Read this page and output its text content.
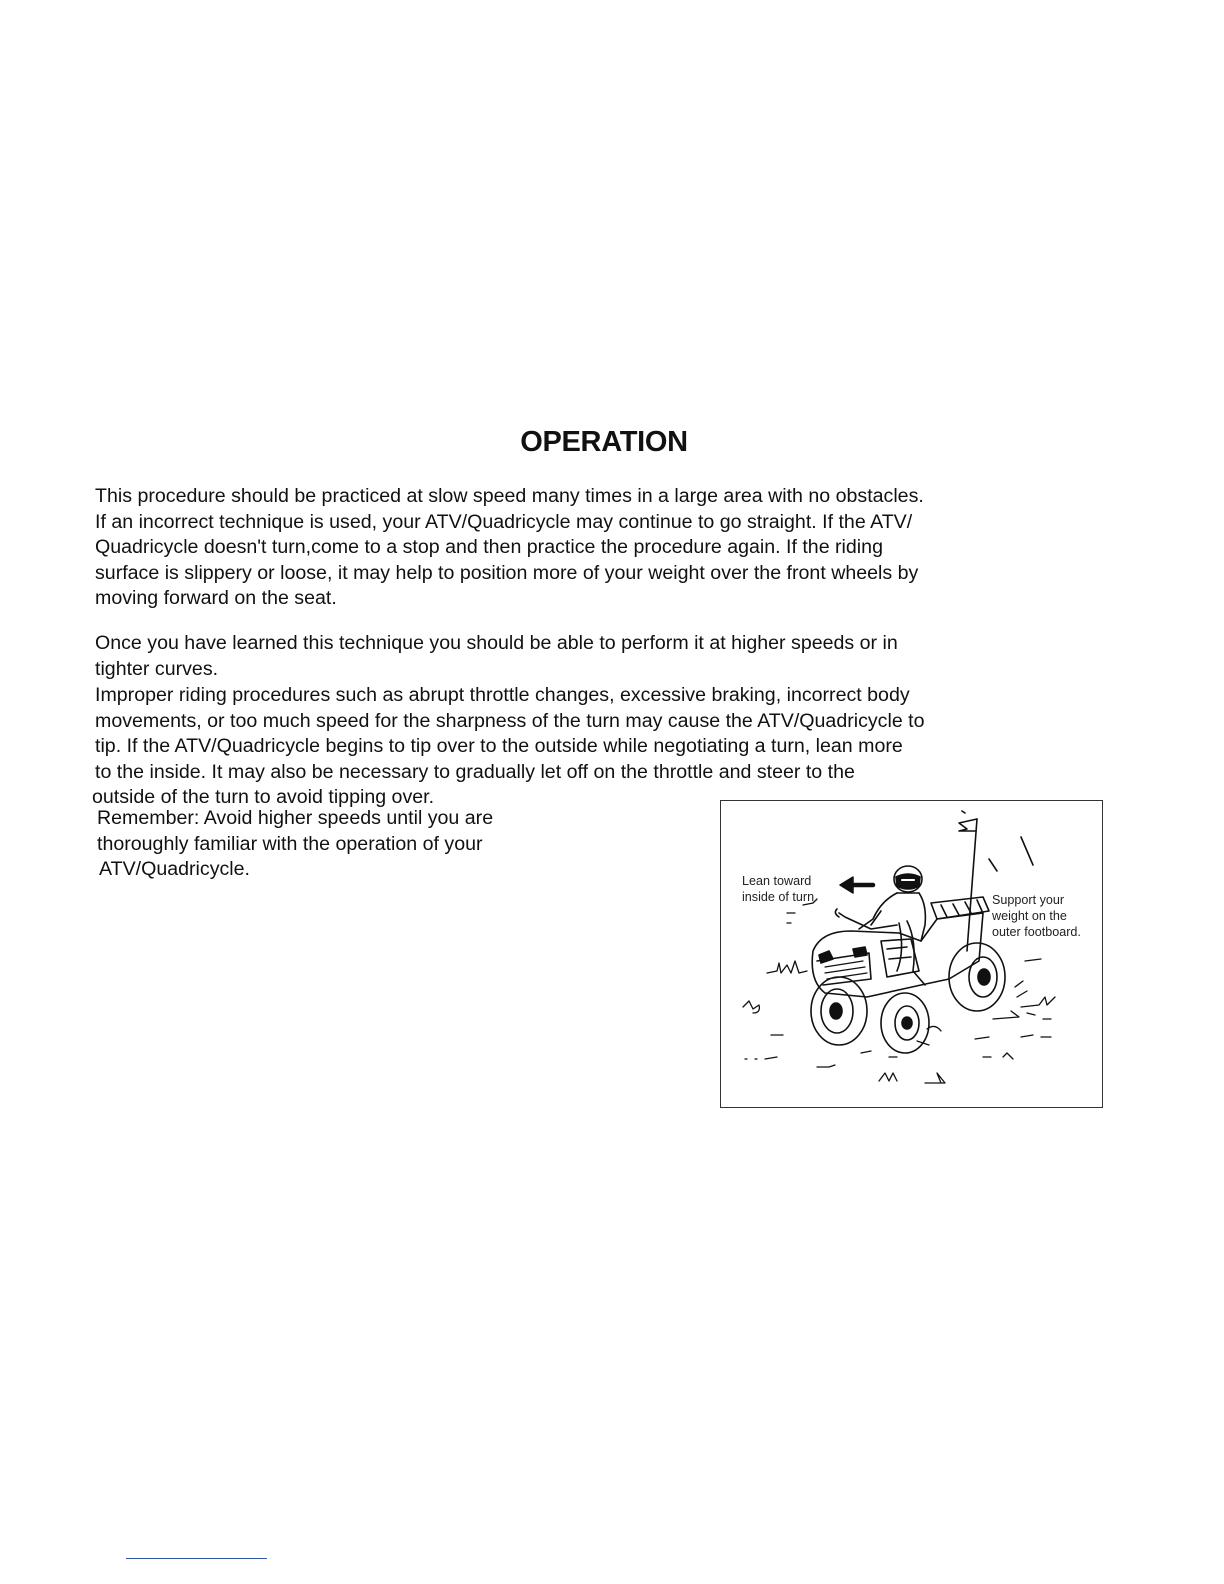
OPERATION

This procedure should be practiced at slow speed many times in a large area with no obstacles.
If an incorrect technique is used, your ATV/Quadricycle may continue to go straight. If the ATV/
Quadricycle doesn't turn,come to a stop and then practice the procedure again. If the riding
surface is slippery or loose, it may help to position more of your weight over the front wheels by
moving forward on the seat.

Once you have learned this technique you should be able to perform it at higher speeds or in
tighter curves.

Improper riding procedures such as abrupt throttle changes, excessive braking, incorrect body
movements, or too much speed for the sharpness of the turn may cause the ATV/Quadricycle to
tip. If the ATV/Quadricycle begins to tip over to the outside while negotiating a turn, lean more
to the inside. It may also be necessary to gradually let off on the throttle and steer to the
outside of the turn to avoid tipping over.

Remember: Avoid higher speeds until you are
thoroughly familiar with the operation of your
ATV/Quadricycle.

Lean toward
inside of turn.	Support your
weight on the
outer footboard.
